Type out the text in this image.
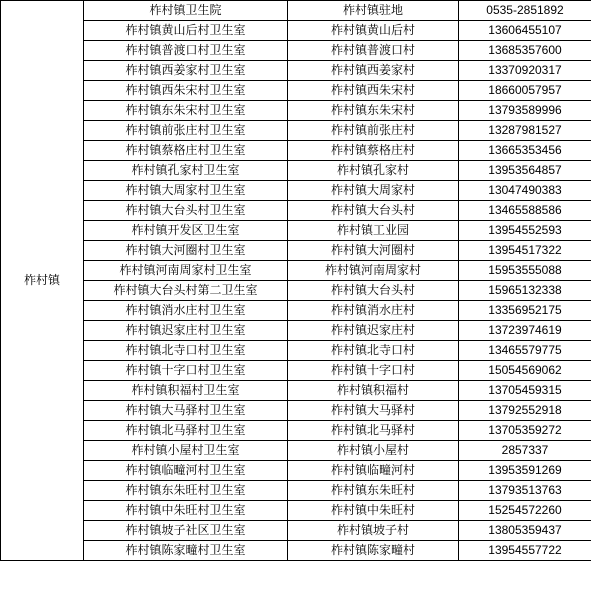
柞村镇	柞村镇卫生院	柞村镇驻地	0535-2851892
	柞村镇黄山后村卫生室	柞村镇黄山后村	13606455107
	柞村镇普渡口村卫生室	柞村镇普渡口村	13685357600
	柞村镇西姜家村卫生室	柞村镇西姜家村	13370920317
	柞村镇西朱宋村卫生室	柞村镇西朱宋村	18660057957
	柞村镇东朱宋村卫生室	柞村镇东朱宋村	13793589996
	柞村镇前张庄村卫生室	柞村镇前张庄村	13287981527
	柞村镇蔡格庄村卫生室	柞村镇蔡格庄村	13665353456
	柞村镇孔家村卫生室	柞村镇孔家村	13953564857
	柞村镇大周家村卫生室	柞村镇大周家村	13047490383
	柞村镇大台头村卫生室	柞村镇大台头村	13465588586
	柞村镇开发区卫生室	柞村镇工业园	13954552593
	柞村镇大河圈村卫生室	柞村镇大河圈村	13954517322
	柞村镇河南周家村卫生室	柞村镇河南周家村	15953555088
	柞村镇大台头村第二卫生室	柞村镇大台头村	15965132338
	柞村镇消水庄村卫生室	柞村镇消水庄村	13356952175
	柞村镇迟家庄村卫生室	柞村镇迟家庄村	13723974619
	柞村镇北寺口村卫生室	柞村镇北寺口村	13465579775
	柞村镇十字口村卫生室	柞村镇十字口村	15054569062
	柞村镇积福村卫生室	柞村镇积福村	13705459315
	柞村镇大马驿村卫生室	柞村镇大马驿村	13792552918
	柞村镇北马驿村卫生室	柞村镇北马驿村	13705359272
	柞村镇小屋村卫生室	柞村镇小屋村	2857337
	柞村镇临疃河村卫生室	柞村镇临疃河村	13953591269
	柞村镇东朱旺村卫生室	柞村镇东朱旺村	13793513763
	柞村镇中朱旺村卫生室	柞村镇中朱旺村	15254572260
	柞村镇坡子社区卫生室	柞村镇坡子村	13805359437
	柞村镇陈家疃村卫生室	柞村镇陈家疃村	13954557722
